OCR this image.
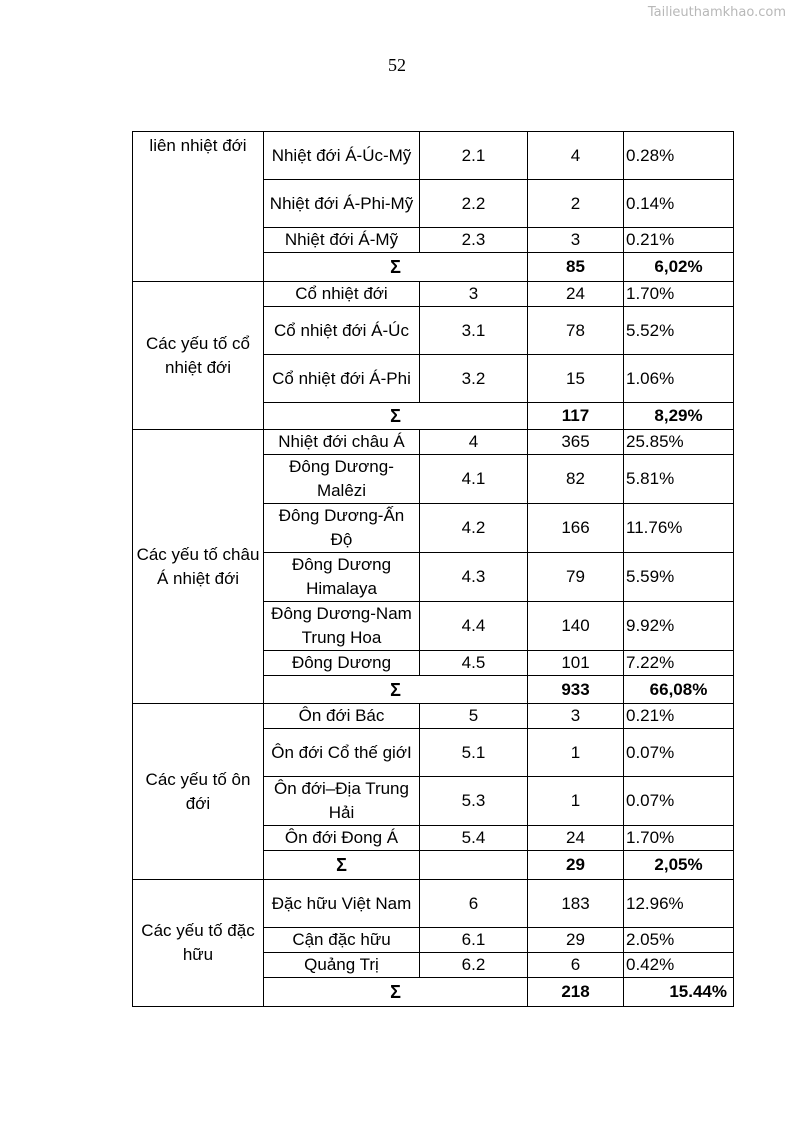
Tailieuthamkhao.com
52
liên nhiệt đới	Nhiệt đới Á-Úc-Mỹ	2.1	4	0.28%
	Nhiệt đới Á-Phi-Mỹ	2.2	2	0.14%
	Nhiệt đới Á-Mỹ	2.3	3	0.21%
	Σ		85	6,02%
Các yếu tố cổ nhiệt đới	Cổ nhiệt đới	3	24	1.70%
	Cổ nhiệt đới Á-Úc	3.1	78	5.52%
	Cổ nhiệt đới Á-Phi	3.2	15	1.06%
	Σ		117	8,29%
Các yếu tố châu Á nhiệt đới	Nhiệt đới châu Á	4	365	25.85%
	Đông Dương-Malêzi	4.1	82	5.81%
	Đông Dương-Ấn Độ	4.2	166	11.76%
	Đông Dương Himalaya	4.3	79	5.59%
	Đông Dương-Nam Trung Hoa	4.4	140	9.92%
	Đông Dương	4.5	101	7.22%
	Σ		933	66,08%
Các yếu tố ôn đới	Ôn đới Bác	5	3	0.21%
	Ôn đới Cổ thế giớI	5.1	1	0.07%
	Ôn đới–Địa Trung Hải	5.3	1	0.07%
	Ôn đới Đong Á	5.4	24	1.70%
	Σ		29	2,05%
Các yếu tố đặc hữu	Đặc hữu Việt Nam	6	183	12.96%
	Cận đặc hữu	6.1	29	2.05%
	Quảng Trị	6.2	6	0.42%
	Σ		218	15.44%
